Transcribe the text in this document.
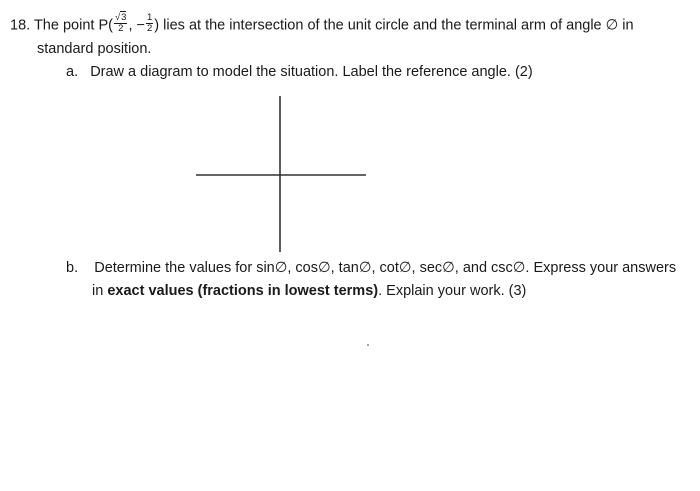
18. The point $P( \frac{√3}{2}$ , − $\frac{1}{2}$ ) lies at the intersection of the unit circle and the terminal arm of angle ∅ in
standard position.
a. Draw a diagram to model the situation. Label the reference angle. (2)
b. Determine the values for sin∅, cos∅, tan∅, cot∅, sec∅, and csc∅. Express your answers
in exact values (fractions in lowest terms). Explain your work. (3)
